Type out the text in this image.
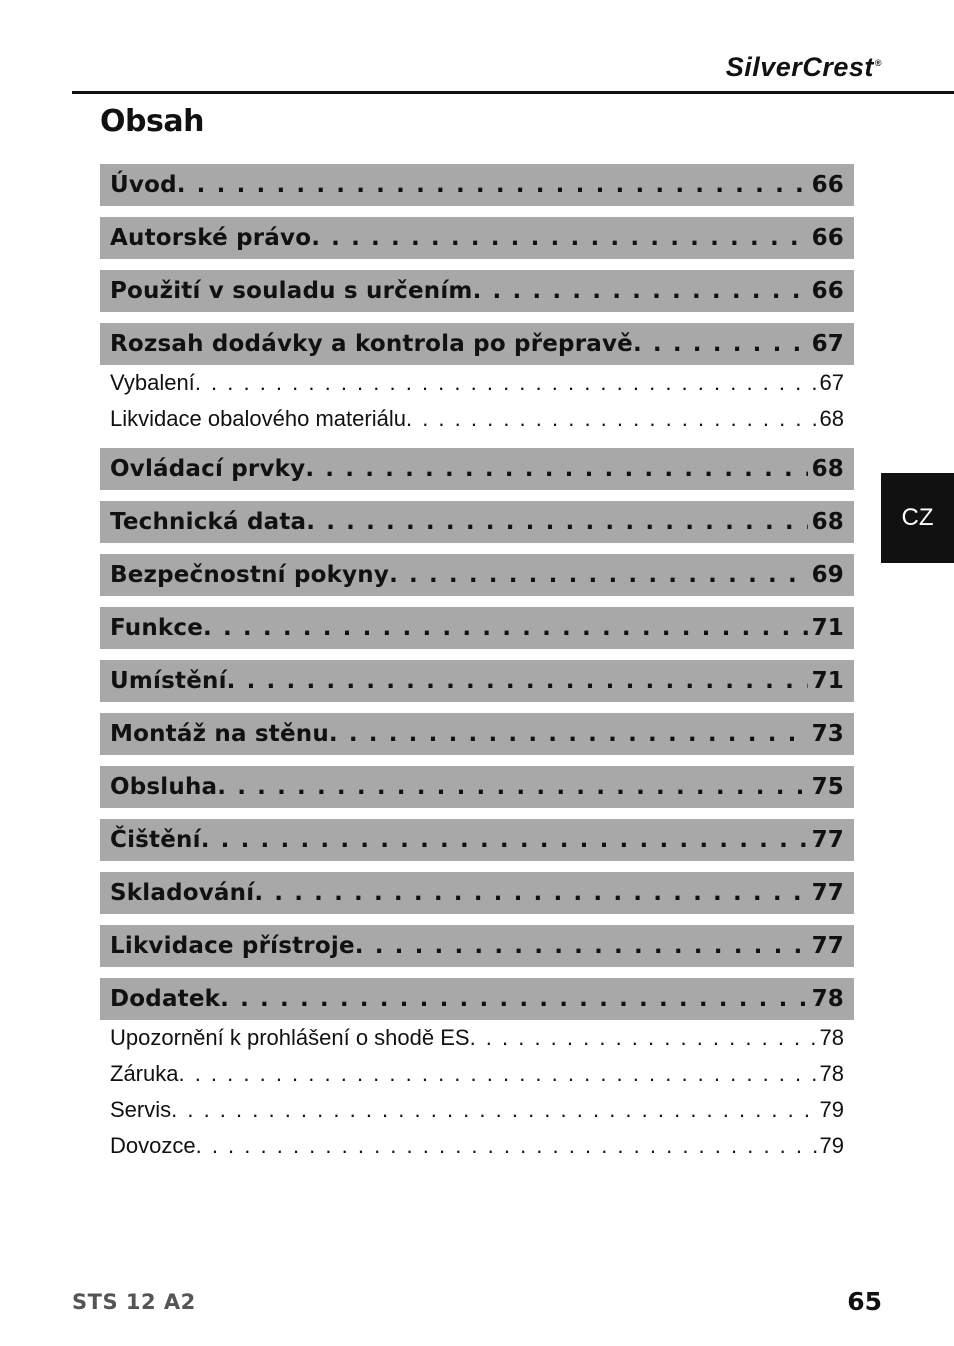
SilverCrest®
Obsah
Úvod . . .	66
Autorské právo . . .	66
Použití v souladu s určením . . .	66
Rozsah dodávky a kontrola po přepravě . . .	67
Vybalení . . .	67
Likvidace obalového materiálu . . .	68
Ovládací prvky . . .	68
Technická data . . .	68
Bezpečnostní pokyny . . .	69
Funkce . . .	71
Umístění . . .	71
Montáž na stěnu . . .	73
Obsluha . . .	75
Čištění . . .	77
Skladování . . .	77
Likvidace přístroje . . .	77
Dodatek . . .	78
Upozornění k prohlášení o shodě ES . . .	78
Záruka . . .	78
Servis . . .	79
Dovozce . . .	79
CZ
STS 12 A2	65
